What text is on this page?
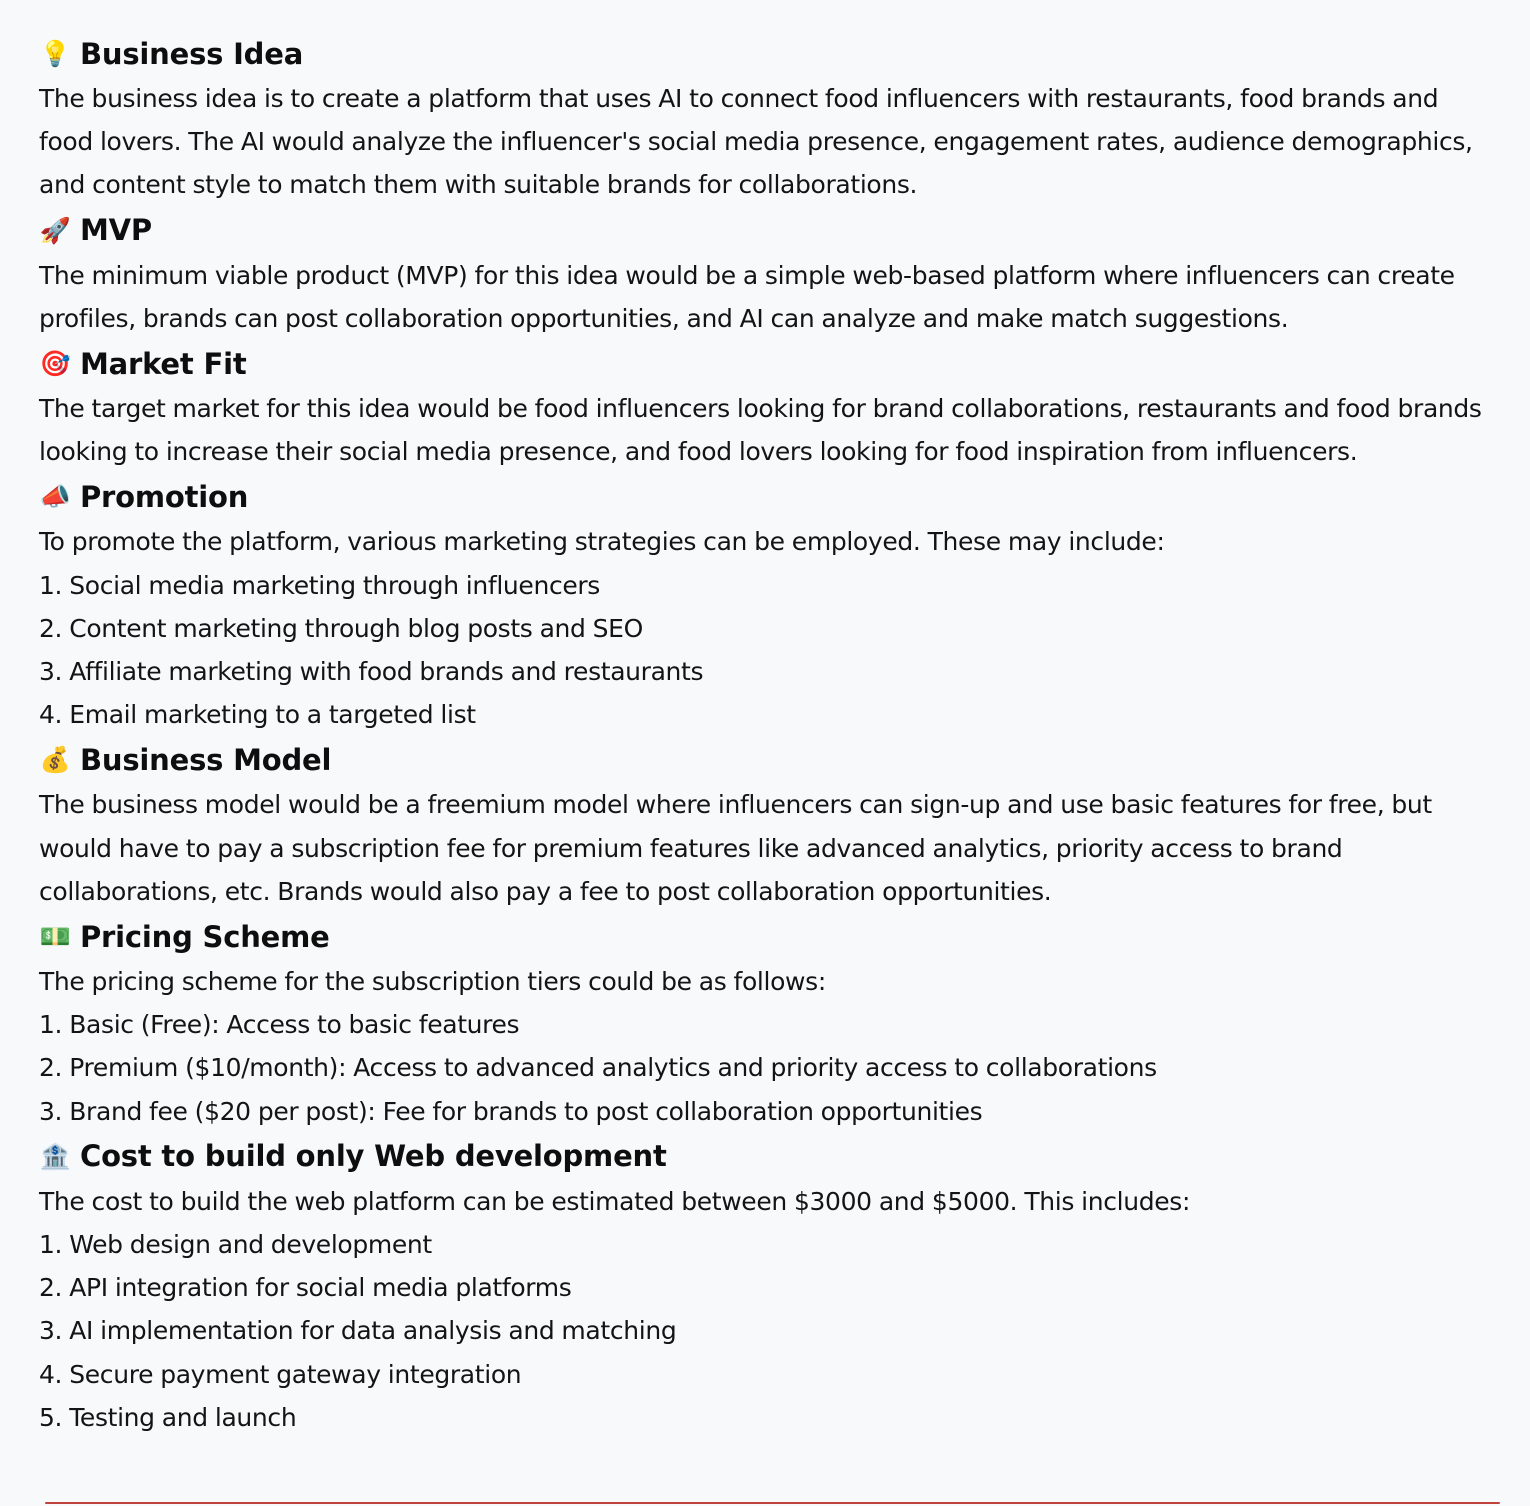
💡 Business Idea

The business idea is to create a platform that uses AI to connect food influencers with restaurants, food brands and food lovers. The AI would analyze the influencer's social media presence, engagement rates, audience demographics, and content style to match them with suitable brands for collaborations.

🚀 MVP

The minimum viable product (MVP) for this idea would be a simple web-based platform where influencers can create profiles, brands can post collaboration opportunities, and AI can analyze and make match suggestions.

🎯 Market Fit

The target market for this idea would be food influencers looking for brand collaborations, restaurants and food brands looking to increase their social media presence, and food lovers looking for food inspiration from influencers.

📣 Promotion

To promote the platform, various marketing strategies can be employed. These may include:

1. Social media marketing through influencers
2. Content marketing through blog posts and SEO
3. Affiliate marketing with food brands and restaurants
4. Email marketing to a targeted list
💰 Business Model

The business model would be a freemium model where influencers can sign-up and use basic features for free, but would have to pay a subscription fee for premium features like advanced analytics, priority access to brand collaborations, etc. Brands would also pay a fee to post collaboration opportunities.

💵 Pricing Scheme

The pricing scheme for the subscription tiers could be as follows:

1. Basic (Free): Access to basic features
2. Premium ($10/month): Access to advanced analytics and priority access to collaborations
3. Brand fee ($20 per post): Fee for brands to post collaboration opportunities
🏦 Cost to build only Web development

The cost to build the web platform can be estimated between $3000 and $5000. This includes:

1. Web design and development
2. API integration for social media platforms
3. AI implementation for data analysis and matching
4. Secure payment gateway integration
5. Testing and launch
